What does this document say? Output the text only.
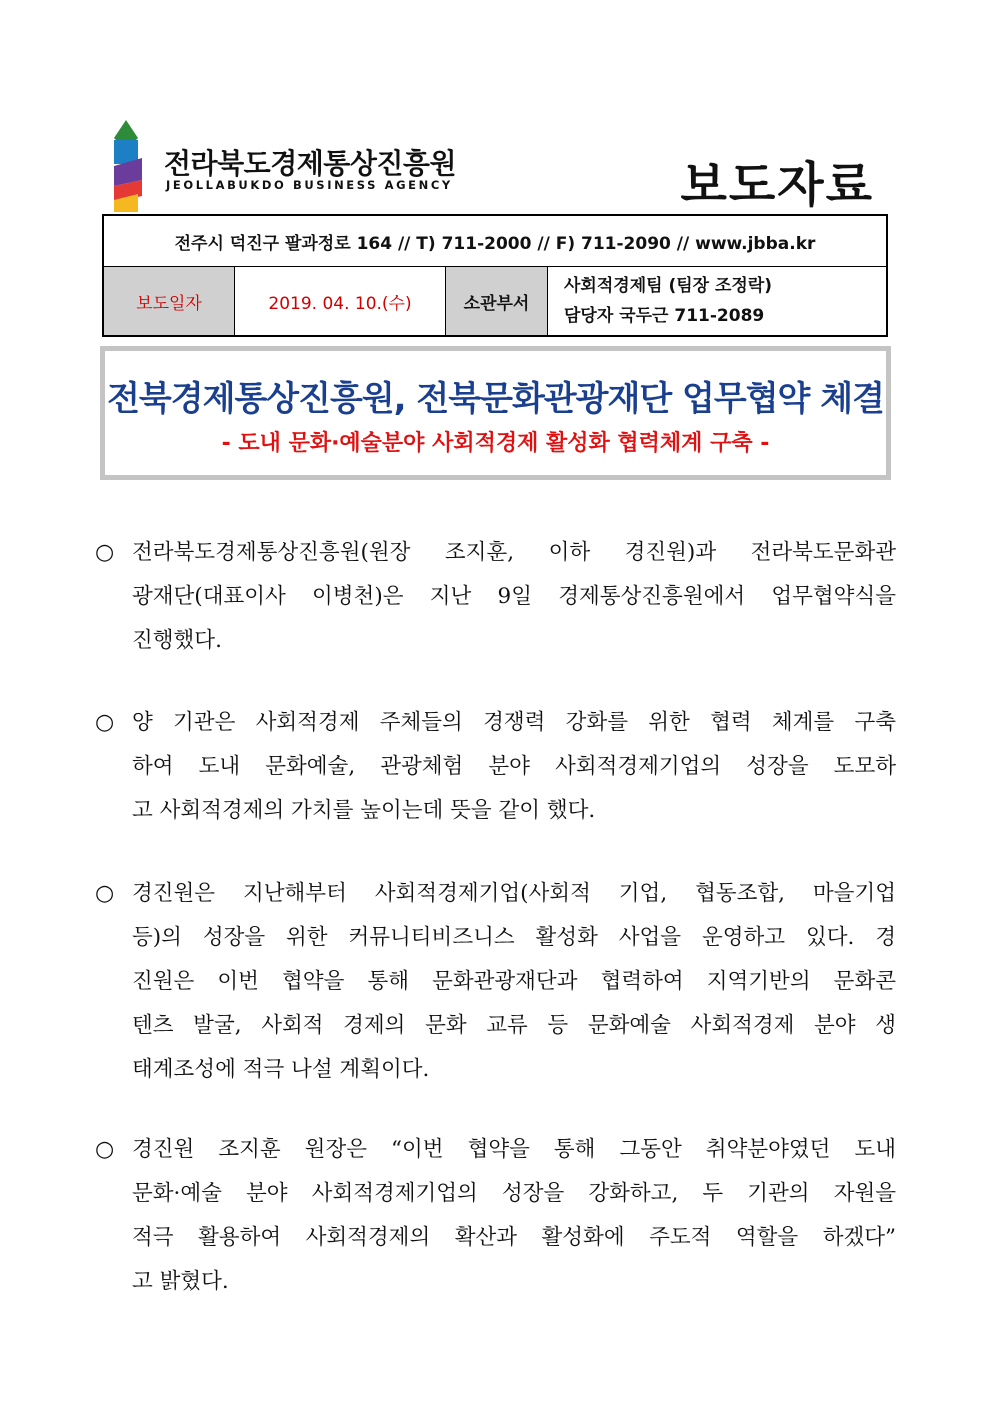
전라북도경제통상진흥원
JEOLLABUKDO BUSINESS AGENCY	보도자료
전주시 덕진구 팔과정로 164 // T) 711-2000 // F) 711-2090 // www.jbba.kr
보도일자	2019. 04. 10.(수)	소관부서
사회적경제팀 (팀장 조정락)
담당자 국두근 711-2089
전북경제통상진흥원, 전북문화관광재단 업무협약 체결
- 도내 문화·예술분야 사회적경제 활성화 협력체계 구축 -
○ 전라북도경제통상진흥원(원장 조지훈, 이하 경진원)과 전라북도문화관
광재단(대표이사 이병천)은 지난 9일 경제통상진흥원에서 업무협약식을
진행했다.
○ 양 기관은 사회적경제 주체들의 경쟁력 강화를 위한 협력 체계를 구축
하여 도내 문화예술, 관광체험 분야 사회적경제기업의 성장을 도모하
고 사회적경제의 가치를 높이는데 뜻을 같이 했다.
○ 경진원은 지난해부터 사회적경제기업(사회적 기업, 협동조합, 마을기업
등)의 성장을 위한 커뮤니티비즈니스 활성화 사업을 운영하고 있다. 경
진원은 이번 협약을 통해 문화관광재단과 협력하여 지역기반의 문화콘
텐츠 발굴, 사회적 경제의 문화 교류 등 문화예술 사회적경제 분야 생
태계조성에 적극 나설 계획이다.
○ 경진원 조지훈 원장은 “이번 협약을 통해 그동안 취약분야였던 도내
문화·예술 분야 사회적경제기업의 성장을 강화하고, 두 기관의 자원을
적극 활용하여 사회적경제의 확산과 활성화에 주도적 역할을 하겠다”
고 밝혔다.
